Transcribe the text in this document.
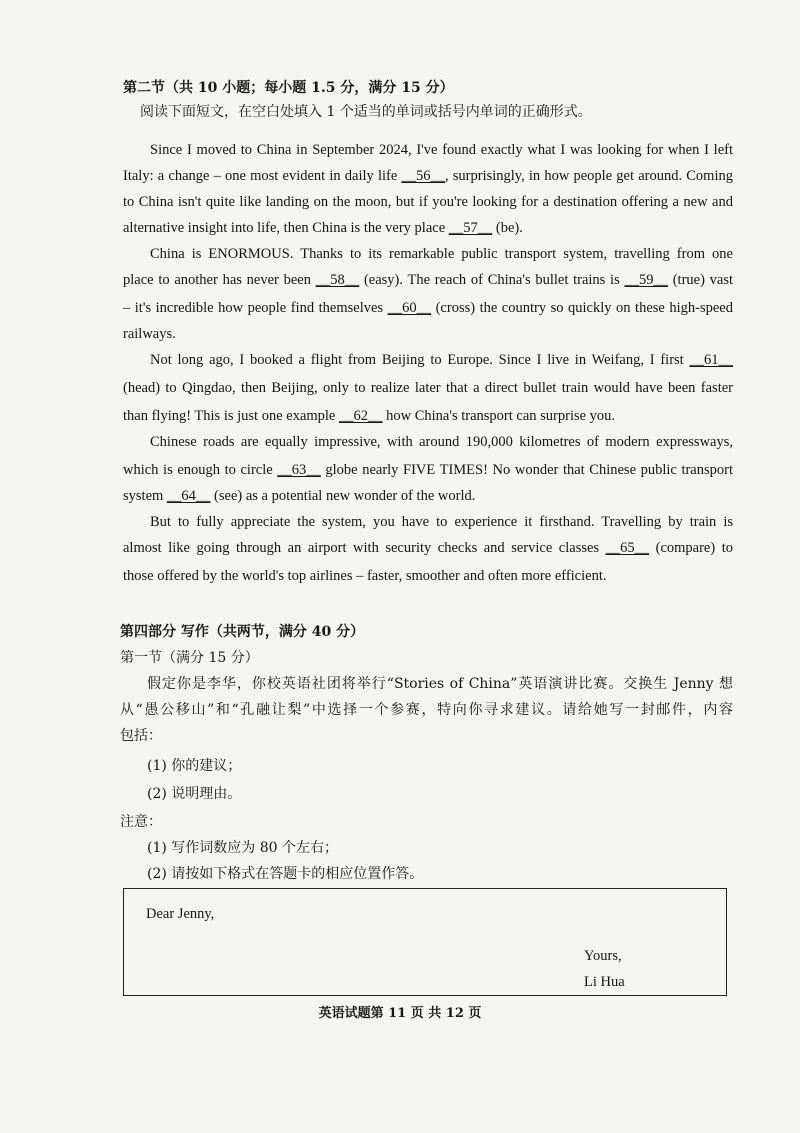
第二节（共 10 小题；每小题 1.5 分，满分 15 分）
阅读下面短文，在空白处填入 1 个适当的单词或括号内单词的正确形式。
Since I moved to China in September 2024, I've found exactly what I was looking for when I left
Italy: a change – one most evident in daily life __56__, surprisingly, in how people get around. Coming
to China isn't quite like landing on the moon, but if you're looking for a destination offering a new and
alternative insight into life, then China is the very place __57__ (be).
China is ENORMOUS. Thanks to its remarkable public transport system, travelling from one
place to another has never been __58__ (easy). The reach of China's bullet trains is __59__ (true) vast
– it's incredible how people find themselves __60__ (cross) the country so quickly on these high-speed
railways.
Not long ago, I booked a flight from Beijing to Europe. Since I live in Weifang, I first __61__
(head) to Qingdao, then Beijing, only to realize later that a direct bullet train would have been faster
than flying! This is just one example __62__ how China's transport can surprise you.
Chinese roads are equally impressive, with around 190,000 kilometres of modern expressways,
which is enough to circle __63__ globe nearly FIVE TIMES! No wonder that Chinese public transport
system __64__ (see) as a potential new wonder of the world.
But to fully appreciate the system, you have to experience it firsthand. Travelling by train is
almost like going through an airport with security checks and service classes __65__ (compare) to
those offered by the world's top airlines – faster, smoother and often more efficient.
第四部分 写作（共两节，满分 40 分）
第一节（满分 15 分）
假定你是李华，你校英语社团将举行“Stories of China”英语演讲比赛。交换生 Jenny 想
从“愚公移山”和“孔融让梨”中选择一个参赛，特向你寻求建议。请给她写一封邮件，内容
包括：
(1) 你的建议；
(2) 说明理由。
注意：
(1) 写作词数应为 80 个左右；
(2) 请按如下格式在答题卡的相应位置作答。
Dear Jenny,
Yours,
Li Hua
英语试题第 11 页 共 12 页
